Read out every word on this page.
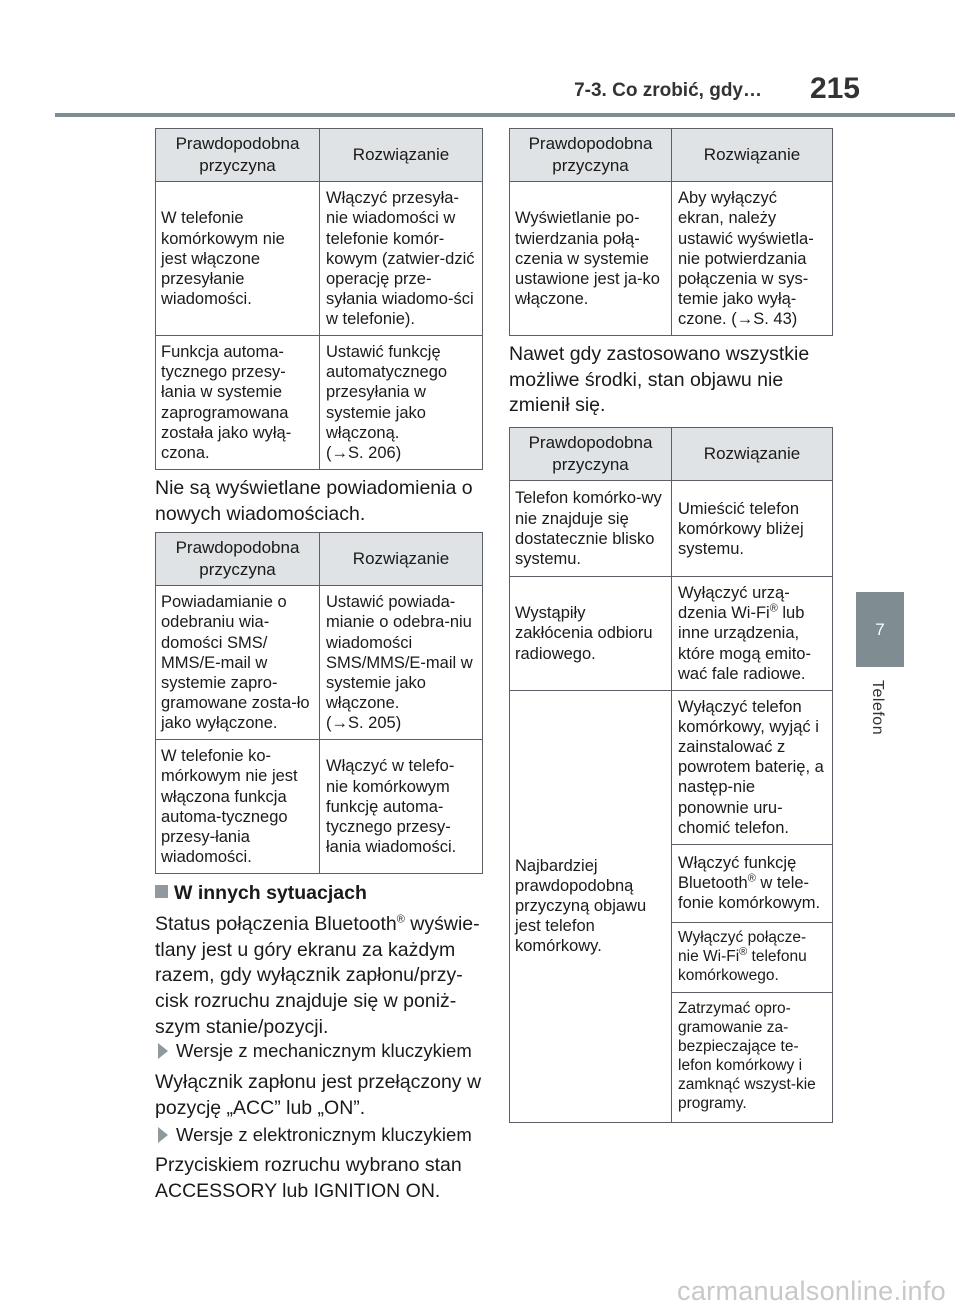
7-3. Co zrobić, gdy…	215
7
Telefon
Prawdopodobna przyczyna	Rozwiązanie
W telefonie komórkowym nie jest włączone przesyłanie wiadomości.	Włączyć przesyła-nie wiadomości w telefonie komór-kowym (zatwier-dzić operację prze-syłania wiadomo-ści w telefonie).
Funkcja automa-tycznego przesy-łania w systemie zaprogramowana została jako wyłą-czona.	Ustawić funkcję automatycznego przesyłania w systemie jako włączoną.
(→S. 206)

Nie są wyświetlane powiadomienia o nowych wiadomościach.

Prawdopodobna przyczyna	Rozwiązanie
Powiadamianie o odebraniu wia-domości SMS/ MMS/E-mail w systemie zapro-gramowane zosta-ło jako wyłączone.	Ustawić powiada-mianie o odebra-niu wiadomości SMS/MMS/E-mail w systemie jako włączone.
(→S. 205)
W telefonie ko-mórkowym nie jest włączona funkcja automa-tycznego przesy-łania wiadomości.	Włączyć w telefo-nie komórkowym funkcję automa-tycznego przesy-łania wiadomości.
W innych sytuacjach

Status połączenia Bluetooth® wyświe-tlany jest u góry ekranu za każdym razem, gdy wyłącznik zapłonu/przy-cisk rozruchu znajduje się w poniż-szym stanie/pozycji.

Wersje z mechanicznym kluczykiem

Wyłącznik zapłonu jest przełączony w pozycję „ACC” lub „ON”.

Wersje z elektronicznym kluczykiem

Przyciskiem rozruchu wybrano stan ACCESSORY lub IGNITION ON.

Prawdopodobna przyczyna	Rozwiązanie
Wyświetlanie po-twierdzania połą-czenia w systemie ustawione jest ja-ko włączone.	Aby wyłączyć ekran, należy ustawić wyświetla-nie potwierdzania połączenia w sys-temie jako wyłą-czone. (→S. 43)

Nawet gdy zastosowano wszystkie możliwe środki, stan objawu nie zmienił się.

Prawdopodobna przyczyna	Rozwiązanie
Telefon komórko-wy nie znajduje się dostatecznie blisko systemu.	Umieścić telefon komórkowy bliżej systemu.
Wystąpiły zakłócenia odbioru radiowego.	Wyłączyć urzą-dzenia Wi-Fi® lub inne urządzenia, które mogą emito-wać fale radiowe.
Najbardziej prawdopodobną przyczyną objawu jest telefon komórkowy.	Wyłączyć telefon komórkowy, wyjąć i zainstalować z powrotem baterię, a następ-nie ponownie uru-chomić telefon.
	Włączyć funkcję Bluetooth® w tele-fonie komórkowym.
	Wyłączyć połącze-nie Wi-Fi® telefonu komórkowego.
	Zatrzymać opro-gramowanie za-bezpieczające te-lefon komórkowy i zamknąć wszyst-kie programy.
carmanualsonline.info
